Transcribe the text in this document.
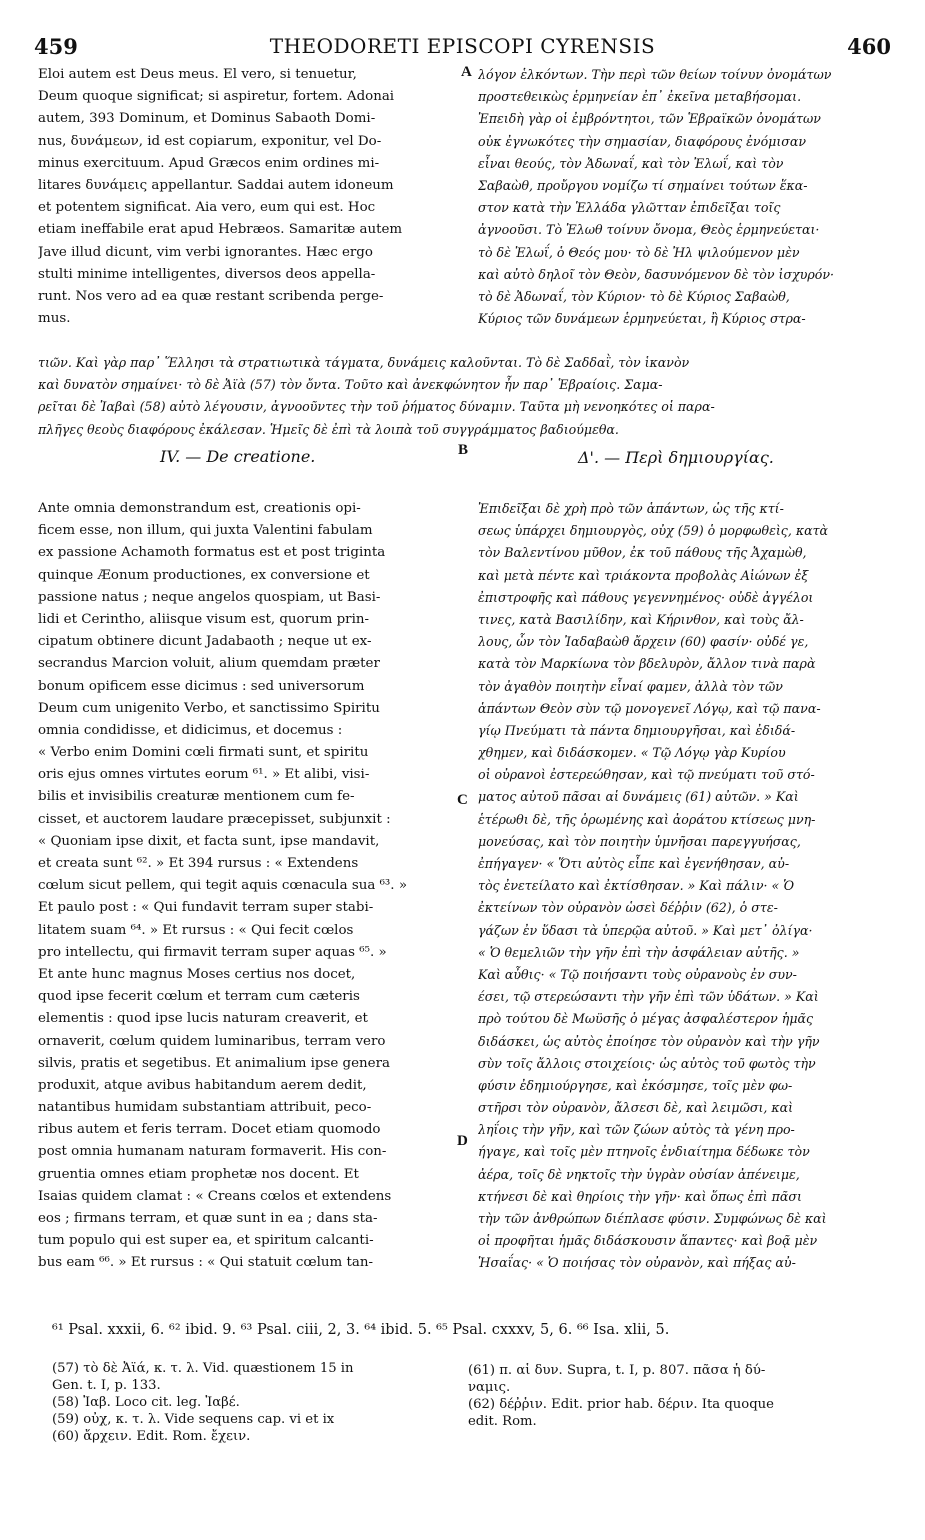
459	THEODORETI EPISCOPI CYRENSIS	460
A
B
C
D
Eloi autem est Deus meus. El vero, si tenuetur,
Deum quoque significat; si aspiretur, fortem. Adonai
autem, 393 Dominum, et Dominus Sabaoth Domi-
nus, δυνάμεων, id est copiarum, exponitur, vel Do-
minus exercituum. Apud Græcos enim ordines mi-
litares δυνάμεις appellantur. Saddai autem idoneum
et potentem significat. Aia vero, eum qui est. Hoc
etiam ineffabile erat apud Hebræos. Samaritæ autem
Jave illud dicunt, vim verbi ignorantes. Hæc ergo
stulti minime intelligentes, diversos deos appella-
runt. Nos vero ad ea quæ restant scribenda perge-
mus.
λόγον ἑλκόντων. Τὴν περὶ τῶν θείων τοίνυν ὀνομάτων
προστεθεικὼς ἑρμηνείαν ἐπ᾽ ἐκεῖνα μεταβήσομαι.
Ἐπειδὴ γὰρ οἱ ἐμβρόντητοι, τῶν Ἑβραϊκῶν ὀνομάτων
οὐκ ἐγνωκότες τὴν σημασίαν, διαφόρους ἐνόμισαν
εἶναι θεούς, τὸν Ἀδωναΐ, καὶ τὸν Ἐλωΐ, καὶ τὸν
Σαβαὼθ, προὔργου νομίζω τί σημαίνει τούτων ἕκα-
στον κατὰ τὴν Ἑλλάδα γλῶτταν ἐπιδεῖξαι τοῖς
ἀγνοοῦσι. Τὸ Ἐλωθ τοίνυν ὄνομα, Θεὸς ἑρμηνεύεται·
τὸ δὲ Ἐλωΐ, ὁ Θεός μου· τὸ δὲ Ἠλ ψιλούμενον μὲν
καὶ αὐτὸ δηλοῖ τὸν Θεὸν, δασυνόμενον δὲ τὸν ἰσχυρόν·
τὸ δὲ Ἀδωναΐ, τὸν Κύριον· τὸ δὲ Κύριος Σαβαὼθ,
Κύριος τῶν δυνάμεων ἑρμηνεύεται, ἢ Κύριος στρα-
τιῶν. Καὶ γὰρ παρ᾽ Ἕλλησι τὰ στρατιωτικὰ τάγματα, δυνάμεις καλοῦνται. Τὸ δὲ Σαδδαῒ, τὸν ἱκανὸν
καὶ δυνατὸν σημαίνει· τὸ δὲ Ἀϊὰ (57) τὸν ὄντα. Τοῦτο καὶ ἀνεκφώνητον ἦν παρ᾽ Ἑβραίοις. Σαμα-
ρεῖται δὲ Ἰαβαὶ (58) αὐτὸ λέγουσιν, ἀγνοοῦντες τὴν τοῦ ῥήματος δύναμιν. Ταῦτα μὴ νενοηκότες οἱ παρα-
πλῆγες θεοὺς διαφόρους ἐκάλεσαν. Ἡμεῖς δὲ ἐπὶ τὰ λοιπὰ τοῦ συγγράμματος βαδιούμεθα.
IV. — De creatione.	Δ'. — Περὶ δημιουργίας.
Ante omnia demonstrandum est, creationis opi-
ficem esse, non illum, qui juxta Valentini fabulam
ex passione Achamoth formatus est et post triginta
quinque Æonum productiones, ex conversione et
passione natus ; neque angelos quospiam, ut Basi-
lidi et Cerintho, aliisque visum est, quorum prin-
cipatum obtinere dicunt Jadabaoth ; neque ut ex-
secrandus Marcion voluit, alium quemdam præter
bonum opificem esse dicimus : sed universorum
Deum cum unigenito Verbo, et sanctissimo Spiritu
omnia condidisse, et didicimus, et docemus :
« Verbo enim Domini cœli firmati sunt, et spiritu
oris ejus omnes virtutes eorum ⁶¹. » Et alibi, visi-
bilis et invisibilis creaturæ mentionem cum fe-
cisset, et auctorem laudare præcepisset, subjunxit :
« Quoniam ipse dixit, et facta sunt, ipse mandavit,
et creata sunt ⁶². » Et 394 rursus : « Extendens
cœlum sicut pellem, qui tegit aquis cœnacula sua ⁶³. »
Et paulo post : « Qui fundavit terram super stabi-
litatem suam ⁶⁴. » Et rursus : « Qui fecit cœlos
pro intellectu, qui firmavit terram super aquas ⁶⁵. »
Et ante hunc magnus Moses certius nos docet,
quod ipse fecerit cœlum et terram cum cæteris
elementis : quod ipse lucis naturam creaverit, et
ornaverit, cœlum quidem luminaribus, terram vero
silvis, pratis et segetibus. Et animalium ipse genera
produxit, atque avibus habitandum aerem dedit,
natantibus humidam substantiam attribuit, peco-
ribus autem et feris terram. Docet etiam quomodo
post omnia humanam naturam formaverit. His con-
gruentia omnes etiam prophetæ nos docent. Et
Isaias quidem clamat : « Creans cœlos et extendens
eos ; firmans terram, et quæ sunt in ea ; dans sta-
tum populo qui est super ea, et spiritum calcanti-
bus eam ⁶⁶. » Et rursus : « Qui statuit cœlum tan-
Ἐπιδεῖξαι δὲ χρὴ πρὸ τῶν ἁπάντων, ὡς τῆς κτί-
σεως ὑπάρχει δημιουργὸς, οὐχ (59) ὁ μορφωθεὶς, κατὰ
τὸν Βαλεντίνου μῦθον, ἐκ τοῦ πάθους τῆς Ἀχαμὼθ,
καὶ μετὰ πέντε καὶ τριάκοντα προβολὰς Αἰώνων ἐξ
ἐπιστροφῆς καὶ πάθους γεγεννημένος· οὐδὲ ἀγγέλοι
τινες, κατὰ Βασιλίδην, καὶ Κήρινθον, καὶ τοὺς ἄλ-
λους, ὧν τὸν Ἰαδαβαὼθ ἄρχειν (60) φασίν· οὐδέ γε,
κατὰ τὸν Μαρκίωνα τὸν βδελυρὸν, ἄλλον τινὰ παρὰ
τὸν ἀγαθὸν ποιητὴν εἶναί φαμεν, ἀλλὰ τὸν τῶν
ἁπάντων Θεὸν σὺν τῷ μονογενεῖ Λόγῳ, καὶ τῷ πανα-
γίῳ Πνεύματι τὰ πάντα δημιουργῆσαι, καὶ ἐδιδά-
χθημεν, καὶ διδάσκομεν. « Τῷ Λόγῳ γὰρ Κυρίου
οἱ οὐρανοὶ ἐστερεώθησαν, καὶ τῷ πνεύματι τοῦ στό-
ματος αὐτοῦ πᾶσαι αἱ δυνάμεις (61) αὐτῶν. » Καὶ
ἑτέρωθι δὲ, τῆς ὁρωμένης καὶ ἀοράτου κτίσεως μνη-
μονεύσας, καὶ τὸν ποιητὴν ὑμνῆσαι παρεγγυήσας,
ἐπήγαγεν· « Ὅτι αὐτὸς εἶπε καὶ ἐγενήθησαν, αὐ-
τὸς ἐνετείλατο καὶ ἐκτίσθησαν. » Καὶ πάλιν· « Ὁ
ἐκτείνων τὸν οὐρανὸν ὡσεὶ δέῤῥιν (62), ὁ στε-
γάζων ἐν ὕδασι τὰ ὑπερῷα αὐτοῦ. » Καὶ μετ᾽ ὀλίγα·
« Ὁ θεμελιῶν τὴν γῆν ἐπὶ τὴν ἀσφάλειαν αὐτῆς. »
Καὶ αὖθις· « Τῷ ποιήσαντι τοὺς οὐρανοὺς ἐν συν-
έσει, τῷ στερεώσαντι τὴν γῆν ἐπὶ τῶν ὑδάτων. » Καὶ
πρὸ τούτου δὲ Μωϋσῆς ὁ μέγας ἀσφαλέστερον ἡμᾶς
διδάσκει, ὡς αὐτὸς ἐποίησε τὸν οὐρανὸν καὶ τὴν γῆν
σὺν τοῖς ἄλλοις στοιχείοις· ὡς αὐτὸς τοῦ φωτὸς τὴν
φύσιν ἐδημιούργησε, καὶ ἐκόσμησε, τοῖς μὲν φω-
στῆρσι τὸν οὐρανὸν, ἄλσεσι δὲ, καὶ λειμῶσι, καὶ
ληΐοις τὴν γῆν, καὶ τῶν ζώων αὐτὸς τὰ γένη προ-
ήγαγε, καὶ τοῖς μὲν πτηνοῖς ἐνδιαίτημα δέδωκε τὸν
ἀέρα, τοῖς δὲ νηκτοῖς τὴν ὑγρὰν οὐσίαν ἀπένειμε,
κτήνεσι δὲ καὶ θηρίοις τὴν γῆν· καὶ ὅπως ἐπὶ πᾶσι
τὴν τῶν ἀνθρώπων διέπλασε φύσιν. Συμφώνως δὲ καὶ
οἱ προφῆται ἡμᾶς διδάσκουσιν ἅπαντες· καὶ βοᾷ μὲν
Ἡσαΐας· « Ὁ ποιήσας τὸν οὐρανὸν, καὶ πήξας αὐ-
⁶¹ Psal. xxxii, 6. ⁶² ibid. 9. ⁶³ Psal. ciii, 2, 3. ⁶⁴ ibid. 5. ⁶⁵ Psal. cxxxv, 5, 6. ⁶⁶ Isa. xlii, 5.
(57) τὸ δὲ Ἀϊά, κ. τ. λ. Vid. quæstionem 15 in
Gen. t. I, p. 133.
(58) Ἰαβ. Loco cit. leg. Ἰαβέ.
(59) οὐχ, κ. τ. λ. Vide sequens cap. vi et ix
(60) ἄρχειν. Edit. Rom. ἔχειν.
(61) π. αἱ δυν. Supra, t. I, p. 807. πᾶσα ἡ δύ-
ναμις.
(62) δέῤῥιν. Edit. prior hab. δέριν. Ita quoque
edit. Rom.
